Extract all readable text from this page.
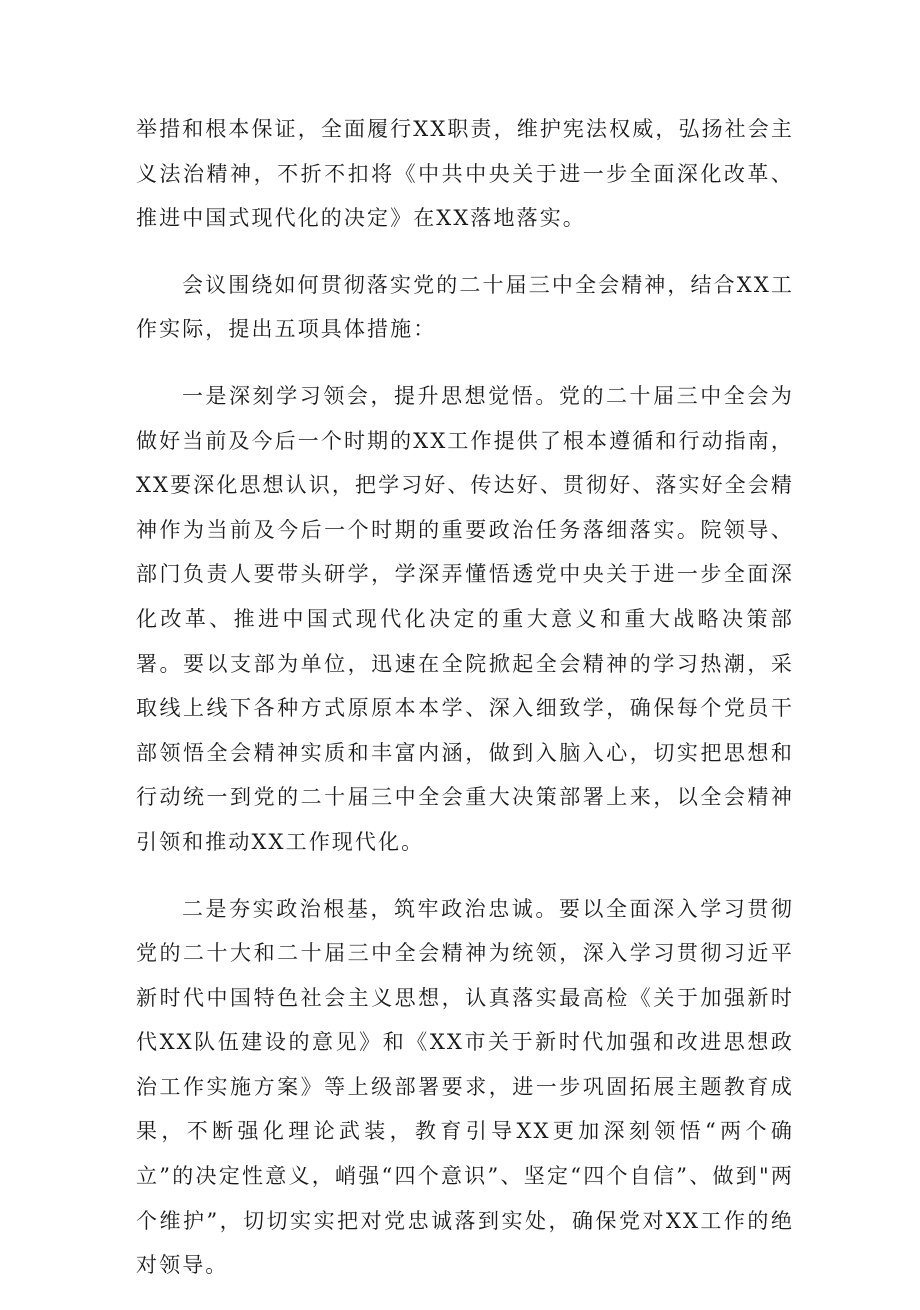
举措和根本保证，全面履行XX职责，维护宪法权威，弘扬社会主义法治精神，不折不扣将《中共中央关于进一步全面深化改革、推进中国式现代化的决定》在XX落地落实。

会议围绕如何贯彻落实党的二十届三中全会精神，结合XX工作实际，提出五项具体措施：

一是深刻学习领会，提升思想觉悟。党的二十届三中全会为做好当前及今后一个时期的XX工作提供了根本遵循和行动指南，XX要深化思想认识，把学习好、传达好、贯彻好、落实好全会精神作为当前及今后一个时期的重要政治任务落细落实。院领导、部门负责人要带头研学，学深弄懂悟透党中央关于进一步全面深化改革、推进中国式现代化决定的重大意义和重大战略决策部署。要以支部为单位，迅速在全院掀起全会精神的学习热潮，采取线上线下各种方式原原本本学、深入细致学，确保每个党员干部领悟全会精神实质和丰富内涵，做到入脑入心，切实把思想和行动统一到党的二十届三中全会重大决策部署上来，以全会精神引领和推动XX工作现代化。

二是夯实政治根基，筑牢政治忠诚。要以全面深入学习贯彻党的二十大和二十届三中全会精神为统领，深入学习贯彻习近平新时代中国特色社会主义思想，认真落实最高检《关于加强新时代XX队伍建设的意见》和《XX市关于新时代加强和改进思想政治工作实施方案》等上级部署要求，进一步巩固拓展主题教育成果，不断强化理论武装，教育引导XX更加深刻领悟“两个确立”的决定性意义，峭强“四个意识”、坚定“四个自信”、做到"两个维护”，切切实实把对党忠诚落到实处，确保党对XX工作的绝对领导。
